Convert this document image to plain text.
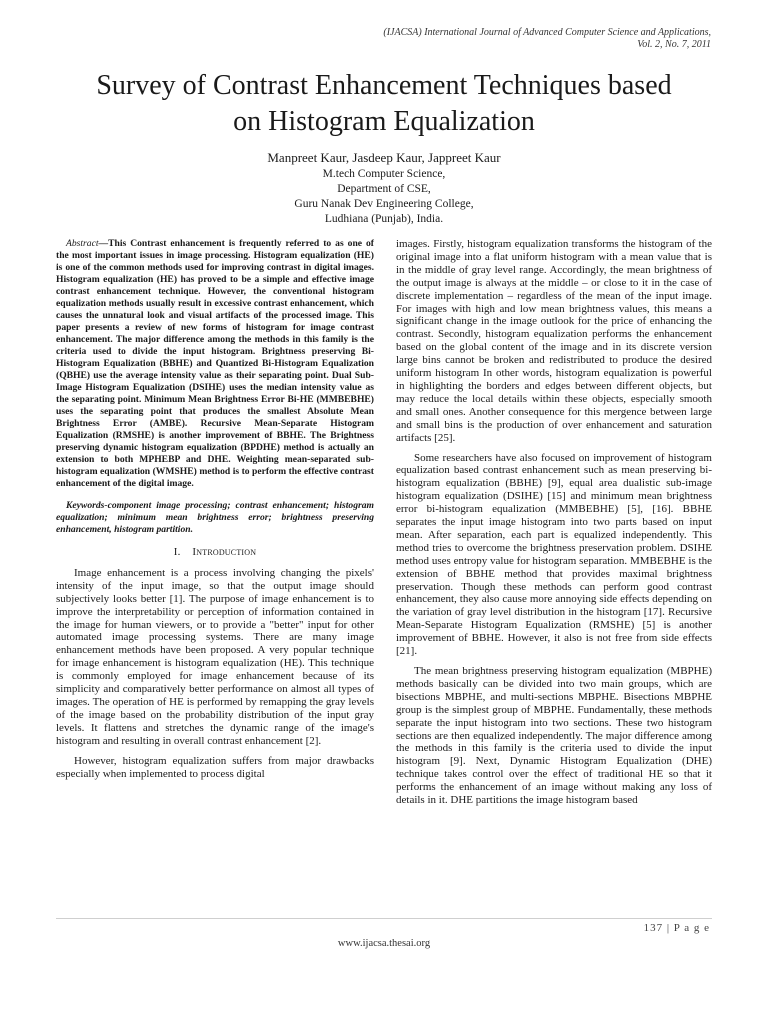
(IJACSA) International Journal of Advanced Computer Science and Applications,
Vol. 2, No. 7, 2011
Survey of Contrast Enhancement Techniques based
on Histogram Equalization
Manpreet Kaur, Jasdeep Kaur, Jappreet Kaur
M.tech Computer Science,
Department of CSE,
Guru Nanak Dev Engineering College,
Ludhiana (Punjab), India.

Abstract—This Contrast enhancement is frequently referred to as one of the most important issues in image processing. Histogram equalization (HE) is one of the common methods used for improving contrast in digital images. Histogram equalization (HE) has proved to be a simple and effective image contrast enhancement technique. However, the conventional histogram equalization methods usually result in excessive contrast enhancement, which causes the unnatural look and visual artifacts of the processed image. This paper presents a review of new forms of histogram for image contrast enhancement. The major difference among the methods in this family is the criteria used to divide the input histogram. Brightness preserving Bi-Histogram Equalization (BBHE) and Quantized Bi-Histogram Equalization (QBHE) use the average intensity value as their separating point. Dual Sub-Image Histogram Equalization (DSIHE) uses the median intensity value as the separating point. Minimum Mean Brightness Error Bi-HE (MMBEBHE) uses the separating point that produces the smallest Absolute Mean Brightness Error (AMBE). Recursive Mean-Separate Histogram Equalization (RMSHE) is another improvement of BBHE. The Brightness preserving dynamic histogram equalization (BPDHE) method is actually an extension to both MPHEBP and DHE. Weighting mean-separated sub-histogram equalization (WMSHE) method is to perform the effective contrast enhancement of the digital image.

Keywords-component image processing; contrast enhancement; histogram equalization; minimum mean brightness error; brightness preserving enhancement, histogram partition.

I. Introduction

Image enhancement is a process involving changing the pixels' intensity of the input image, so that the output image should subjectively looks better [1]. The purpose of image enhancement is to improve the interpretability or perception of information contained in the image for human viewers, or to provide a "better" input for other automated image processing systems. There are many image enhancement methods have been proposed. A very popular technique for image enhancement is histogram equalization (HE). This technique is commonly employed for image enhancement because of its simplicity and comparatively better performance on almost all types of images. The operation of HE is performed by remapping the gray levels of the image based on the probability distribution of the input gray levels. It flattens and stretches the dynamic range of the image's histogram and resulting in overall contrast enhancement [2].

However, histogram equalization suffers from major drawbacks especially when implemented to process digital

images. Firstly, histogram equalization transforms the histogram of the original image into a flat uniform histogram with a mean value that is in the middle of gray level range. Accordingly, the mean brightness of the output image is always at the middle – or close to it in the case of discrete implementation – regardless of the mean of the input image. For images with high and low mean brightness values, this means a significant change in the image outlook for the price of enhancing the contrast. Secondly, histogram equalization performs the enhancement based on the global content of the image and in its discrete version large bins cannot be broken and redistributed to produce the desired uniform histogram In other words, histogram equalization is powerful in highlighting the borders and edges between different objects, but may reduce the local details within these objects, especially smooth and small ones. Another consequence for this mergence between large and small bins is the production of over enhancement and saturation artifacts [25].

Some researchers have also focused on improvement of histogram equalization based contrast enhancement such as mean preserving bi-histogram equalization (BBHE) [9], equal area dualistic sub-image histogram equalization (DSIHE) [15] and minimum mean brightness error bi-histogram equalization (MMBEBHE) [5], [16]. BBHE separates the input image histogram into two parts based on input mean. After separation, each part is equalized independently. This method tries to overcome the brightness preservation problem. DSIHE method uses entropy value for histogram separation. MMBEBHE is the extension of BBHE method that provides maximal brightness preservation. Though these methods can perform good contrast enhancement, they also cause more annoying side effects depending on the variation of gray level distribution in the histogram [17]. Recursive Mean-Separate Histogram Equalization (RMSHE) [5] is another improvement of BBHE. However, it also is not free from side effects [21].

The mean brightness preserving histogram equalization (MBPHE) methods basically can be divided into two main groups, which are bisections MBPHE, and multi-sections MBPHE. Bisections MBPHE group is the simplest group of MBPHE. Fundamentally, these methods separate the input histogram into two sections. These two histogram sections are then equalized independently. The major difference among the methods in this family is the criteria used to divide the input histogram [9]. Next, Dynamic Histogram Equalization (DHE) technique takes control over the effect of traditional HE so that it performs the enhancement of an image without making any loss of details in it. DHE partitions the image histogram based

137 | P a g e
www.ijacsa.thesai.org
